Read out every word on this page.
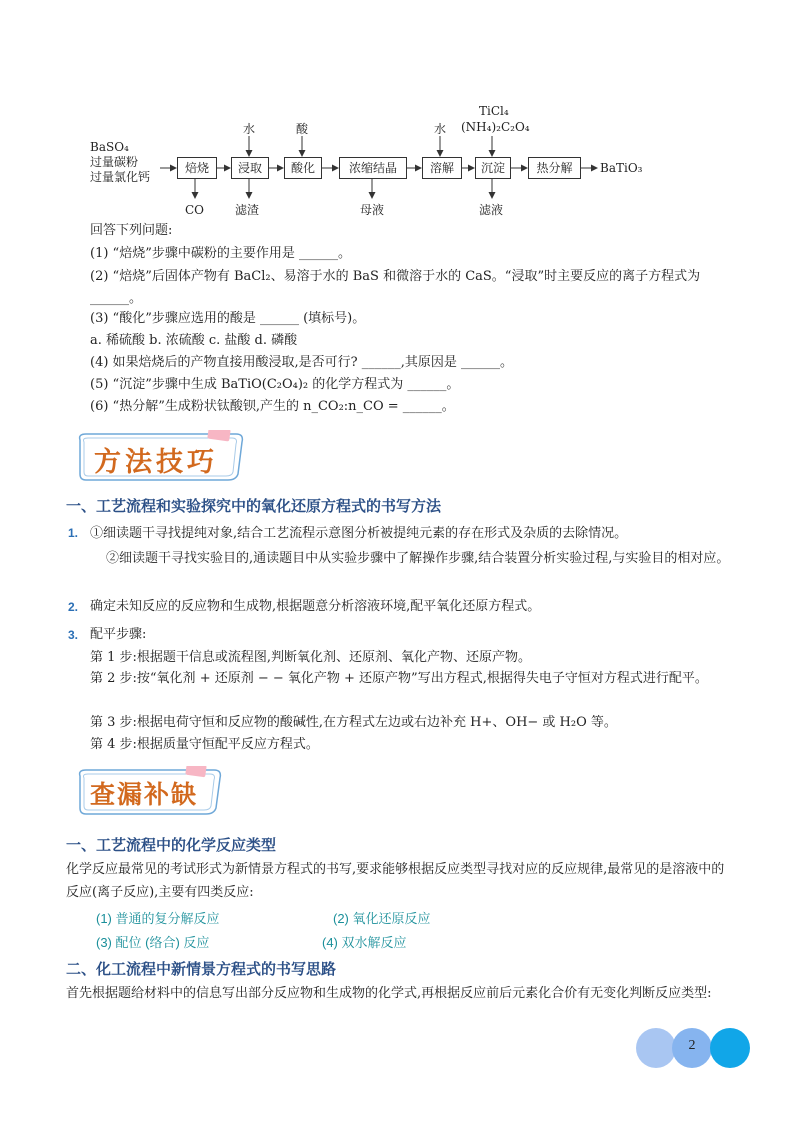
BaSO₄
过量碳粉
过量氯化钙
焙烧	浸取	酸化	浓缩结晶	溶解	沉淀	热分解	BaTiO₃
水	酸	水
TiCl₄
(NH₄)₂C₂O₄
CO	滤渣	母液	滤液
回答下列问题:
(1) “焙烧”步骤中碳粉的主要作用是 ______。
(2) “焙烧”后固体产物有 BaCl₂、易溶于水的 BaS 和微溶于水的 CaS。“浸取”时主要反应的离子方程式为
______。
(3) “酸化”步骤应选用的酸是 ______ (填标号)。
a. 稀硫酸 b. 浓硫酸 c. 盐酸 d. 磷酸
(4) 如果焙烧后的产物直接用酸浸取,是否可行? ______,其原因是 ______。
(5) “沉淀”步骤中生成 BaTiO(C₂O₄)₂ 的化学方程式为 ______。
(6) “热分解”生成粉状钛酸钡,产生的 n_CO₂:n_CO = ______。
方法技巧
一、工艺流程和实验探究中的氧化还原方程式的书写方法
1. ①细读题干寻找提纯对象,结合工艺流程示意图分析被提纯元素的存在形式及杂质的去除情况。
②细读题干寻找实验目的,通读题目中从实验步骤中了解操作步骤,结合装置分析实验过程,与实验目的相对应。
2. 确定未知反应的反应物和生成物,根据题意分析溶液环境,配平氧化还原方程式。
3. 配平步骤:
第 1 步:根据题干信息或流程图,判断氧化剂、还原剂、氧化产物、还原产物。
第 2 步:按“氧化剂 + 还原剂 − − 氧化产物 + 还原产物”写出方程式,根据得失电子守恒对方程式进行配平。
第 3 步:根据电荷守恒和反应物的酸碱性,在方程式左边或右边补充 H+、OH− 或 H₂O 等。
第 4 步:根据质量守恒配平反应方程式。
查漏补缺
一、工艺流程中的化学反应类型
化学反应最常见的考试形式为新情景方程式的书写,要求能够根据反应类型寻找对应的反应规律,最常见的是溶液中的反应(离子反应),主要有四类反应:
(1) 普通的复分解反应	(2) 氧化还原反应
(3) 配位 (络合) 反应	(4) 双水解反应
二、化工流程中新情景方程式的书写思路
首先根据题给材料中的信息写出部分反应物和生成物的化学式,再根据反应前后元素化合价有无变化判断反应类型:
2
